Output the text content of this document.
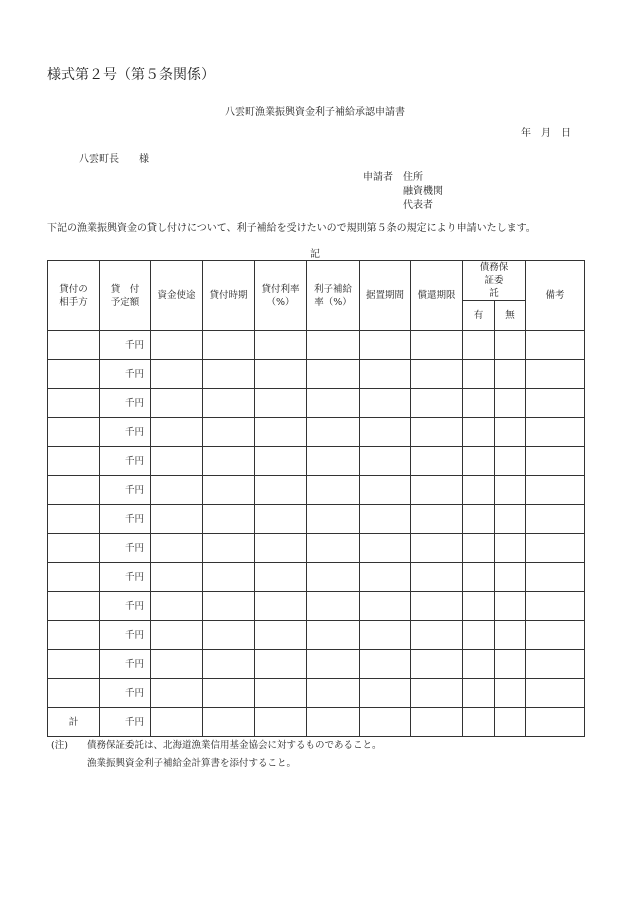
様式第２号（第５条関係）
八雲町漁業振興資金利子補給承認申請書
年　月　日
八雲町長　　様
申請者	住所
融資機関
代表者
下記の漁業振興資金の貸し付けについて、利子補給を受けたいので規則第５条の規定により申請いたします。
記
貸付の相手方	貸　付予定額	資金使途	貸付時期	貸付利率（%）	利子補給率（%）	据置期間	償還期限	債務保証委　　託		備考
								有	無	
	千円									
	千円									
	千円									
	千円									
	千円									
	千円									
	千円									
	千円									
	千円									
	千円									
	千円									
	千円									
	千円									
計	千円									
(注) 債務保証委託は、北海道漁業信用基金協会に対するものであること。
漁業振興資金利子補給金計算書を添付すること。
